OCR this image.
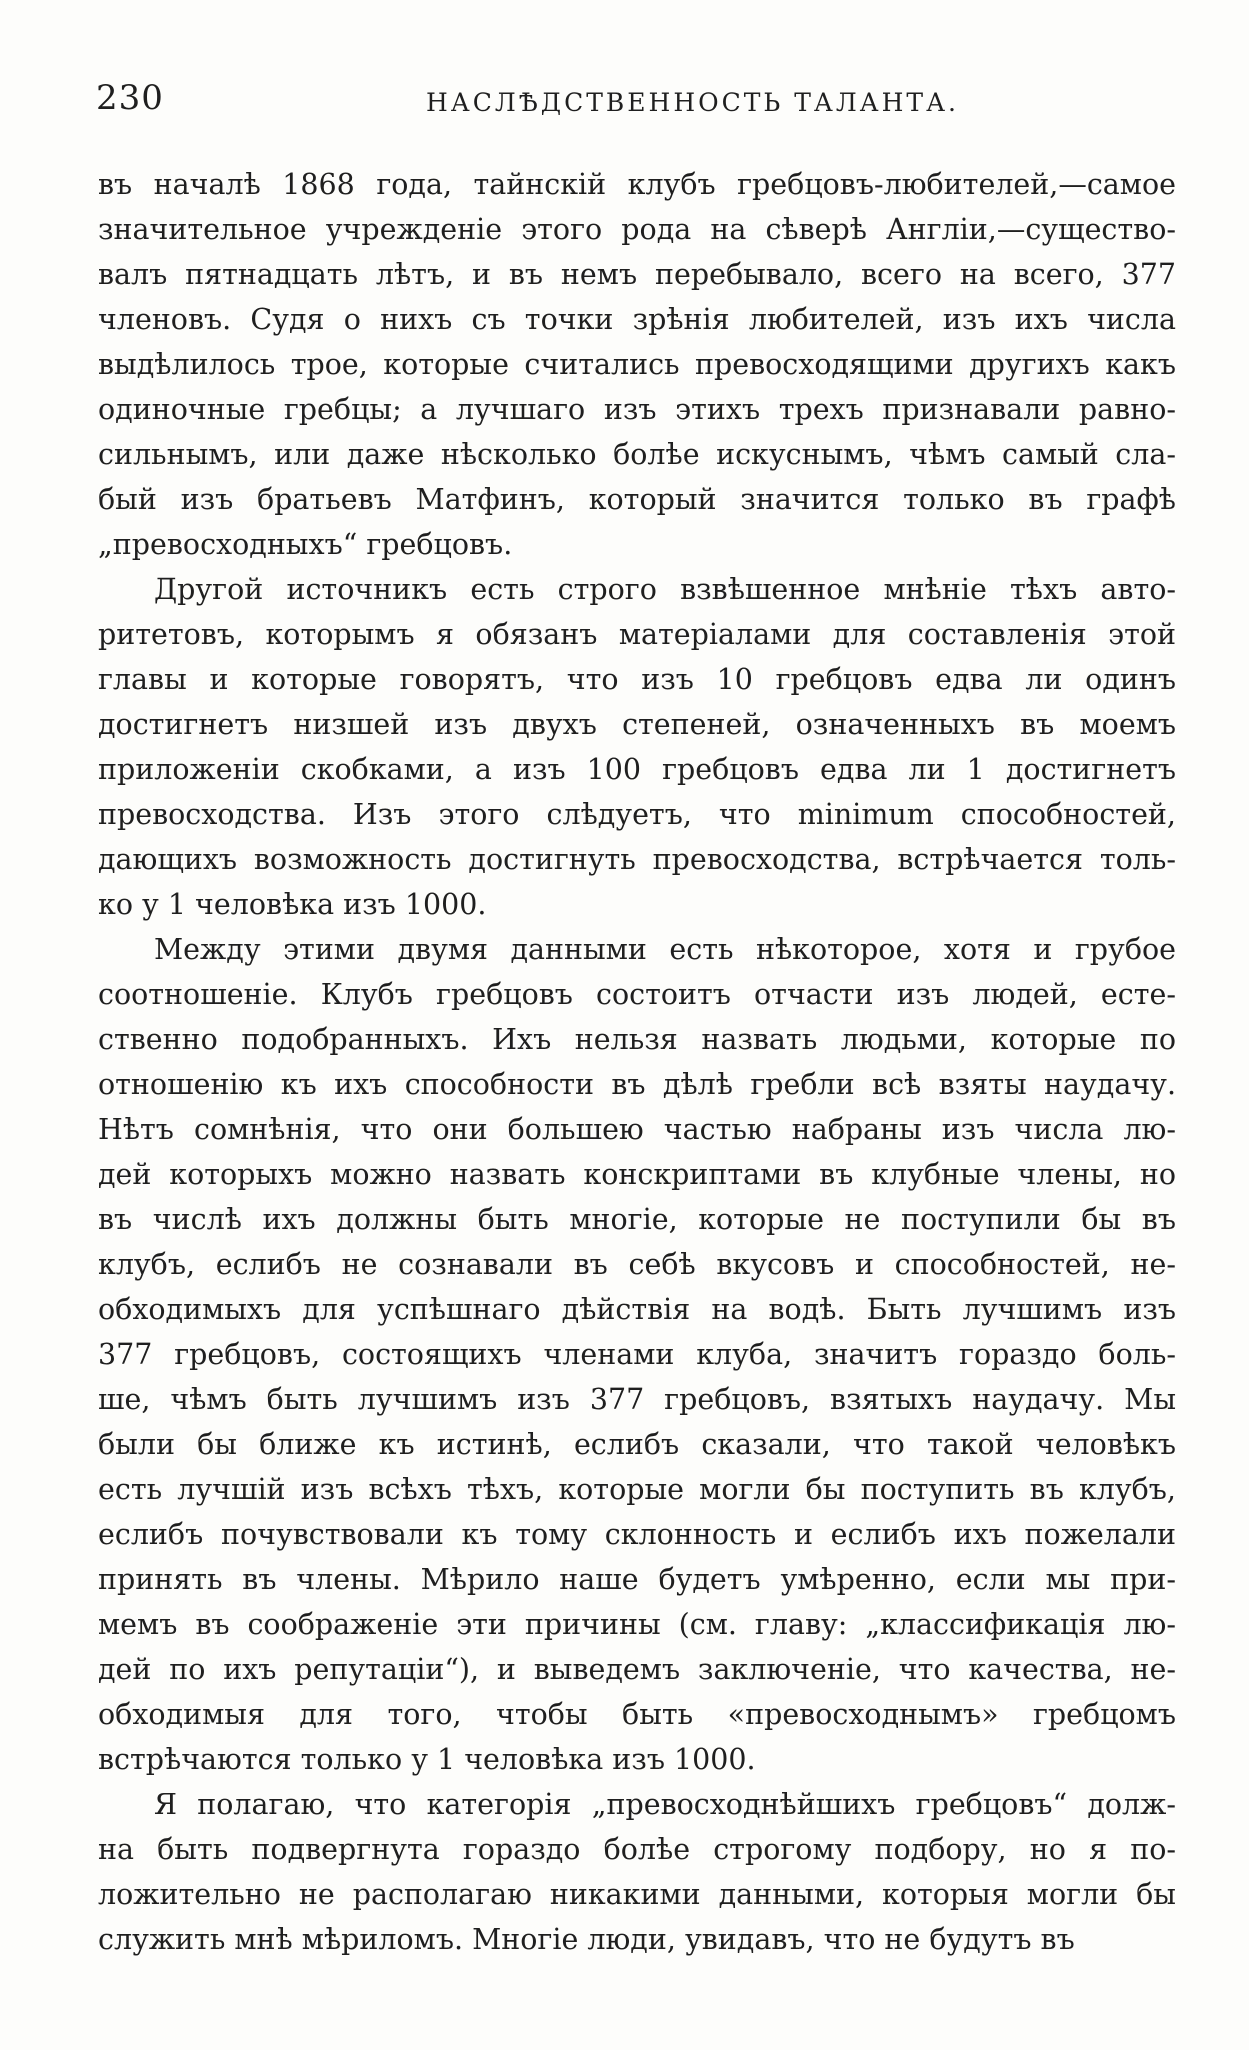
230	НАСЛѢДСТВЕННОСТЬ ТАЛАНТА.
въ началѣ 1868 года, тайнскій клубъ гребцовъ-любителей,—самое
значительное учрежденіе этого рода на сѣверѣ Англіи,—существо-
валъ пятнадцать лѣтъ, и въ немъ перебывало, всего на всего, 377
членовъ. Судя о нихъ съ точки зрѣнія любителей, изъ ихъ числа
выдѣлилось трое, которые считались превосходящими другихъ какъ
одиночные гребцы; а лучшаго изъ этихъ трехъ признавали равно-
сильнымъ, или даже нѣсколько болѣе искуснымъ, чѣмъ самый сла-
бый изъ братьевъ Матфинъ, который значится только въ графѣ
„превосходныхъ“ гребцовъ.
Другой источникъ есть строго взвѣшенное мнѣніе тѣхъ авто-
ритетовъ, которымъ я обязанъ матеріалами для составленія этой
главы и которые говорятъ, что изъ 10 гребцовъ едва ли одинъ
достигнетъ низшей изъ двухъ степеней, означенныхъ въ моемъ
приложеніи скобками, а изъ 100 гребцовъ едва ли 1 достигнетъ
превосходства. Изъ этого слѣдуетъ, что minimum способностей,
дающихъ возможность достигнуть превосходства, встрѣчается толь-
ко у 1 человѣка изъ 1000.
Между этими двумя данными есть нѣкоторое, хотя и грубое
соотношеніе. Клубъ гребцовъ состоитъ отчасти изъ людей, есте-
ственно подобранныхъ. Ихъ нельзя назвать людьми, которые по
отношенію къ ихъ способности въ дѣлѣ гребли всѣ взяты наудачу.
Нѣтъ сомнѣнія, что они большею частью набраны изъ числа лю-
дей которыхъ можно назвать конскриптами въ клубные члены, но
въ числѣ ихъ должны быть многіе, которые не поступили бы въ
клубъ, еслибъ не сознавали въ себѣ вкусовъ и способностей, не-
обходимыхъ для успѣшнаго дѣйствія на водѣ. Быть лучшимъ изъ
377 гребцовъ, состоящихъ членами клуба, значитъ гораздо боль-
ше, чѣмъ быть лучшимъ изъ 377 гребцовъ, взятыхъ наудачу. Мы
были бы ближе къ истинѣ, еслибъ сказали, что такой человѣкъ
есть лучшій изъ всѣхъ тѣхъ, которые могли бы поступить въ клубъ,
еслибъ почувствовали къ тому склонность и еслибъ ихъ пожелали
принять въ члены. Мѣрило наше будетъ умѣренно, если мы при-
мемъ въ соображеніе эти причины (см. главу: „классификація лю-
дей по ихъ репутаціи“), и выведемъ заключеніе, что качества, не-
обходимыя для того, чтобы быть «превосходнымъ» гребцомъ
встрѣчаются только у 1 человѣка изъ 1000.
Я полагаю, что категорія „превосходнѣйшихъ гребцовъ“ долж-
на быть подвергнута гораздо болѣе строгому подбору, но я по-
ложительно не располагаю никакими данными, которыя могли бы
служить мнѣ мѣриломъ. Многіе люди, увидавъ, что не будутъ въ
